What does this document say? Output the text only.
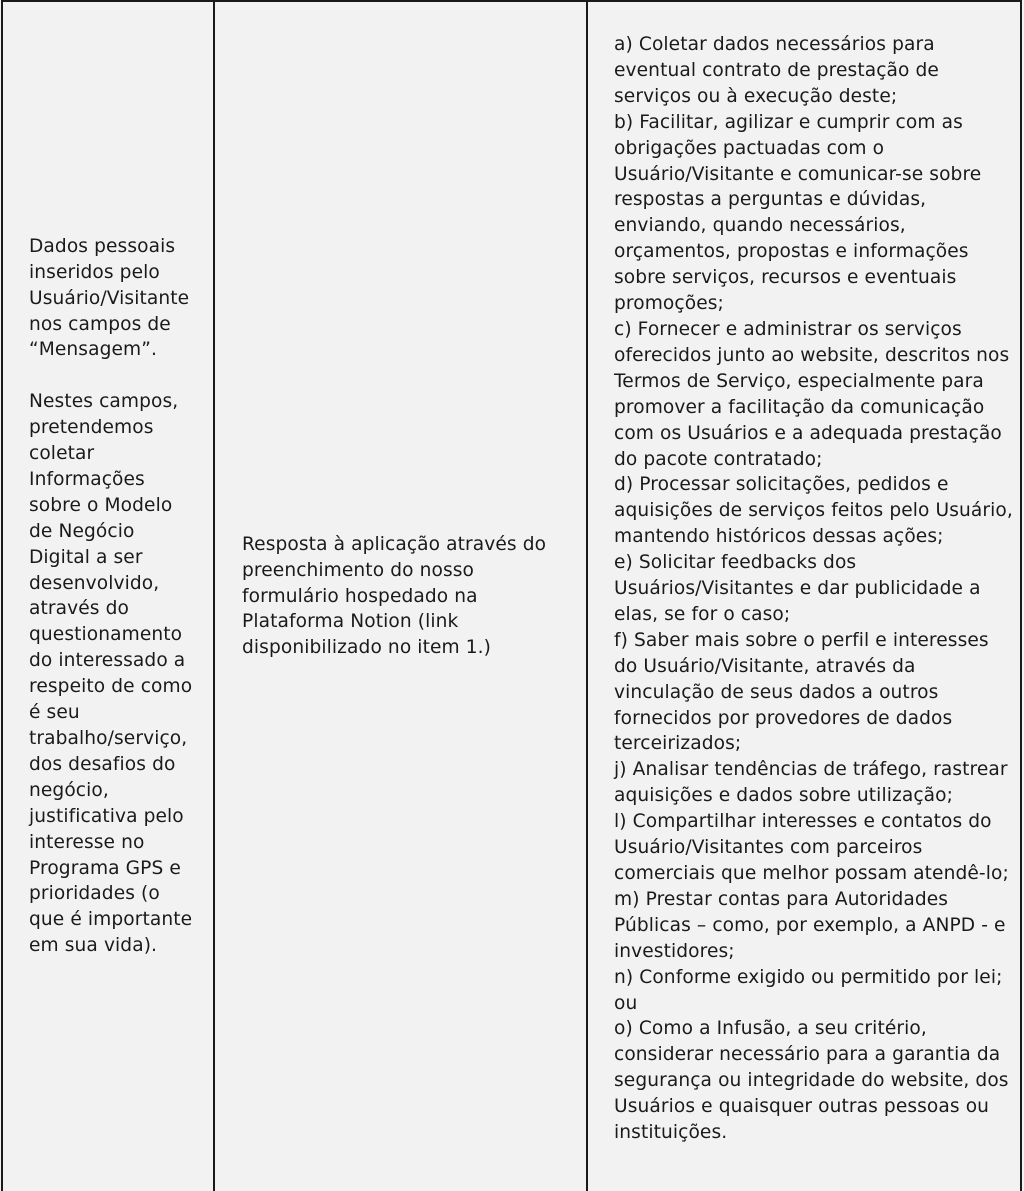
Dados pessoais inseridos pelo Usuário/Visitante nos campos de “Mensagem”.

Nestes campos, pretendemos coletar Informações sobre o Modelo de Negócio Digital a ser desenvolvido, através do questionamento do interessado a respeito de como é seu trabalho/serviço, dos desafios do negócio, justificativa pelo interesse no Programa GPS e prioridades (o que é importante em sua vida).

Resposta à aplicação através do preenchimento do nosso formulário hospedado na Plataforma Notion (link disponibilizado no item 1.)

a) Coletar dados necessários para eventual contrato de prestação de serviços ou à execução deste;

b) Facilitar, agilizar e cumprir com as obrigações pactuadas com o Usuário/Visitante e comunicar-se sobre respostas a perguntas e dúvidas, enviando, quando necessários, orçamentos, propostas e informações sobre serviços, recursos e eventuais promoções;

c) Fornecer e administrar os serviços oferecidos junto ao website, descritos nos Termos de Serviço, especialmente para promover a facilitação da comunicação com os Usuários e a adequada prestação do pacote contratado;

d) Processar solicitações, pedidos e aquisições de serviços feitos pelo Usuário, mantendo históricos dessas ações;

e) Solicitar feedbacks dos Usuários/Visitantes e dar publicidade a elas, se for o caso;

f) Saber mais sobre o perfil e interesses do Usuário/Visitante, através da vinculação de seus dados a outros fornecidos por provedores de dados terceirizados;

j) Analisar tendências de tráfego, rastrear aquisições e dados sobre utilização;

l) Compartilhar interesses e contatos do Usuário/Visitantes com parceiros comerciais que melhor possam atendê-lo;

m) Prestar contas para Autoridades Públicas – como, por exemplo, a ANPD - e investidores;

n) Conforme exigido ou permitido por lei; ou

o) Como a Infusão, a seu critério, considerar necessário para a garantia da segurança ou integridade do website, dos Usuários e quaisquer outras pessoas ou instituições.
